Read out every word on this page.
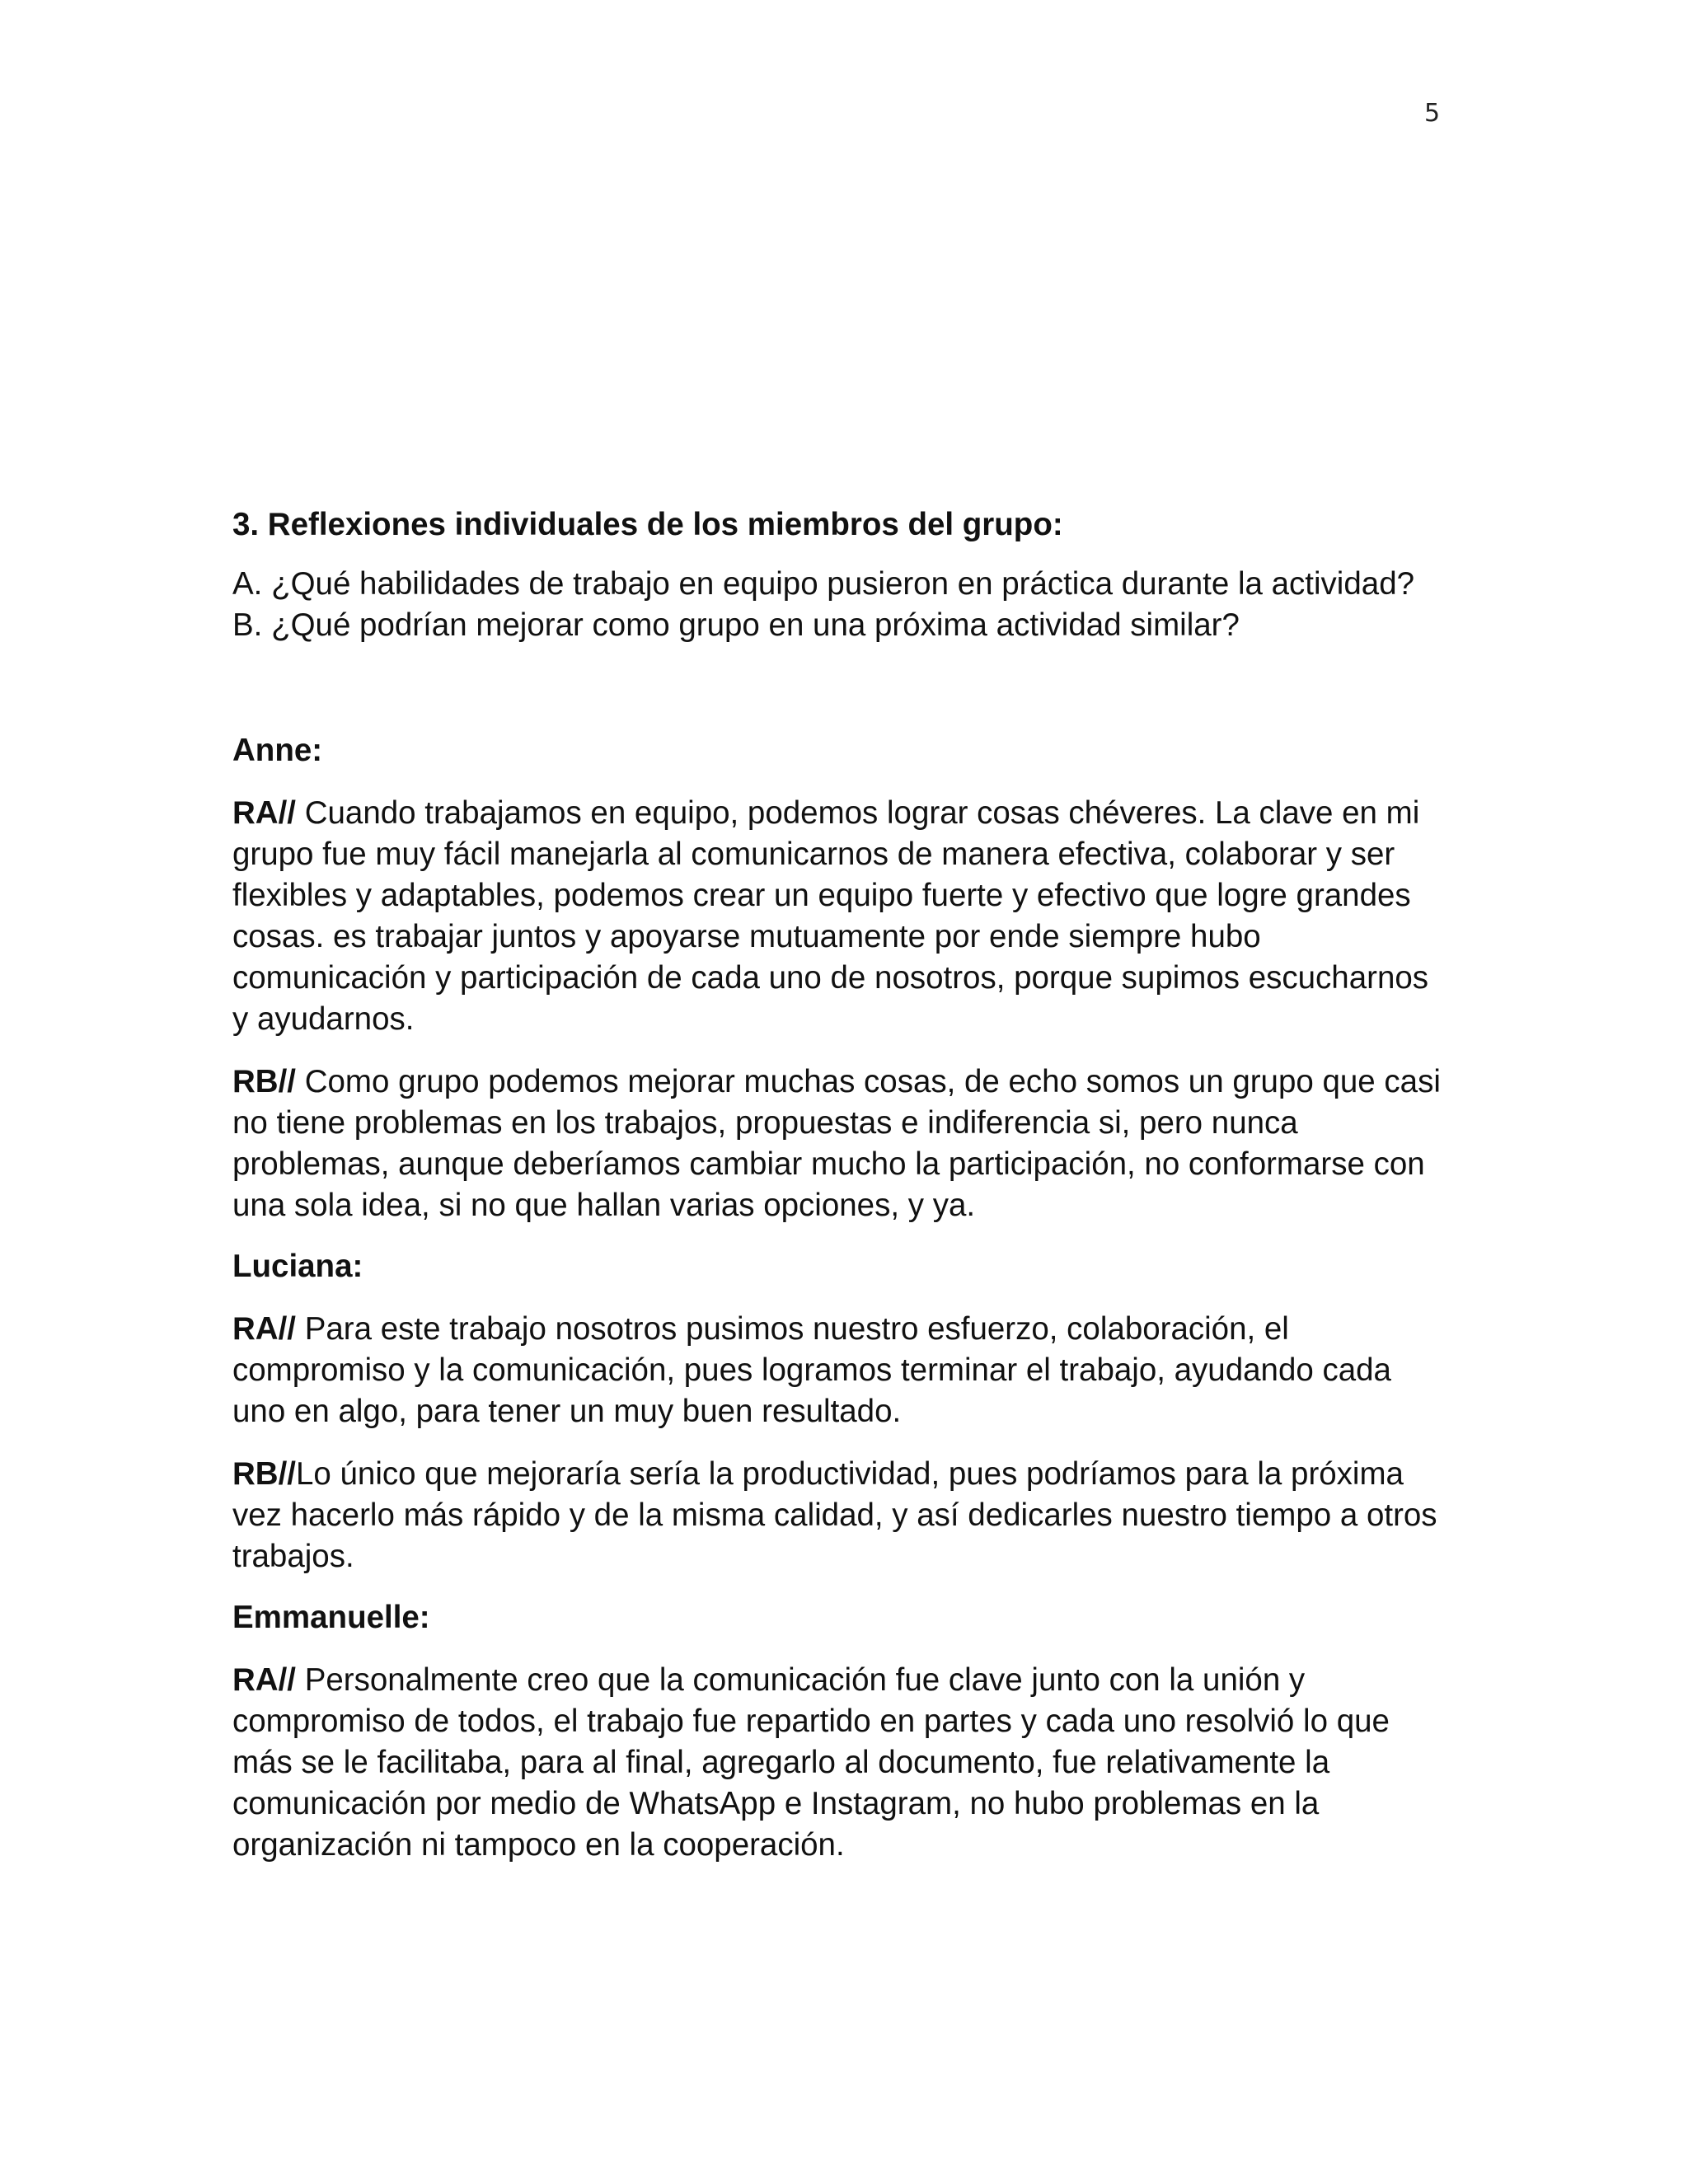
5

3. Reflexiones individuales de los miembros del grupo:

A. ¿Qué habilidades de trabajo en equipo pusieron en práctica durante la actividad?

B. ¿Qué podrían mejorar como grupo en una próxima actividad similar?

Anne:

RA// Cuando trabajamos en equipo, podemos lograr cosas chéveres. La clave en mi grupo fue muy fácil manejarla al comunicarnos de manera efectiva, colaborar y ser flexibles y adaptables, podemos crear un equipo fuerte y efectivo que logre grandes cosas. es trabajar juntos y apoyarse mutuamente por ende siempre hubo comunicación y participación de cada uno de nosotros, porque supimos escucharnos y ayudarnos.

RB// Como grupo podemos mejorar muchas cosas, de echo somos un grupo que casi no tiene problemas en los trabajos, propuestas e indiferencia si, pero nunca problemas, aunque deberíamos cambiar mucho la participación, no conformarse con una sola idea, si no que hallan varias opciones, y ya.

Luciana:

RA// Para este trabajo nosotros pusimos nuestro esfuerzo, colaboración, el compromiso y la comunicación, pues logramos terminar el trabajo, ayudando cada uno en algo, para tener un muy buen resultado.

RB//Lo único que mejoraría sería la productividad, pues podríamos para la próxima vez hacerlo más rápido y de la misma calidad, y así dedicarles nuestro tiempo a otros trabajos.

Emmanuelle:

RA// Personalmente creo que la comunicación fue clave junto con la unión y compromiso de todos, el trabajo fue repartido en partes y cada uno resolvió lo que más se le facilitaba, para al final, agregarlo al documento, fue relativamente la comunicación por medio de WhatsApp e Instagram, no hubo problemas en la organización ni tampoco en la cooperación.
